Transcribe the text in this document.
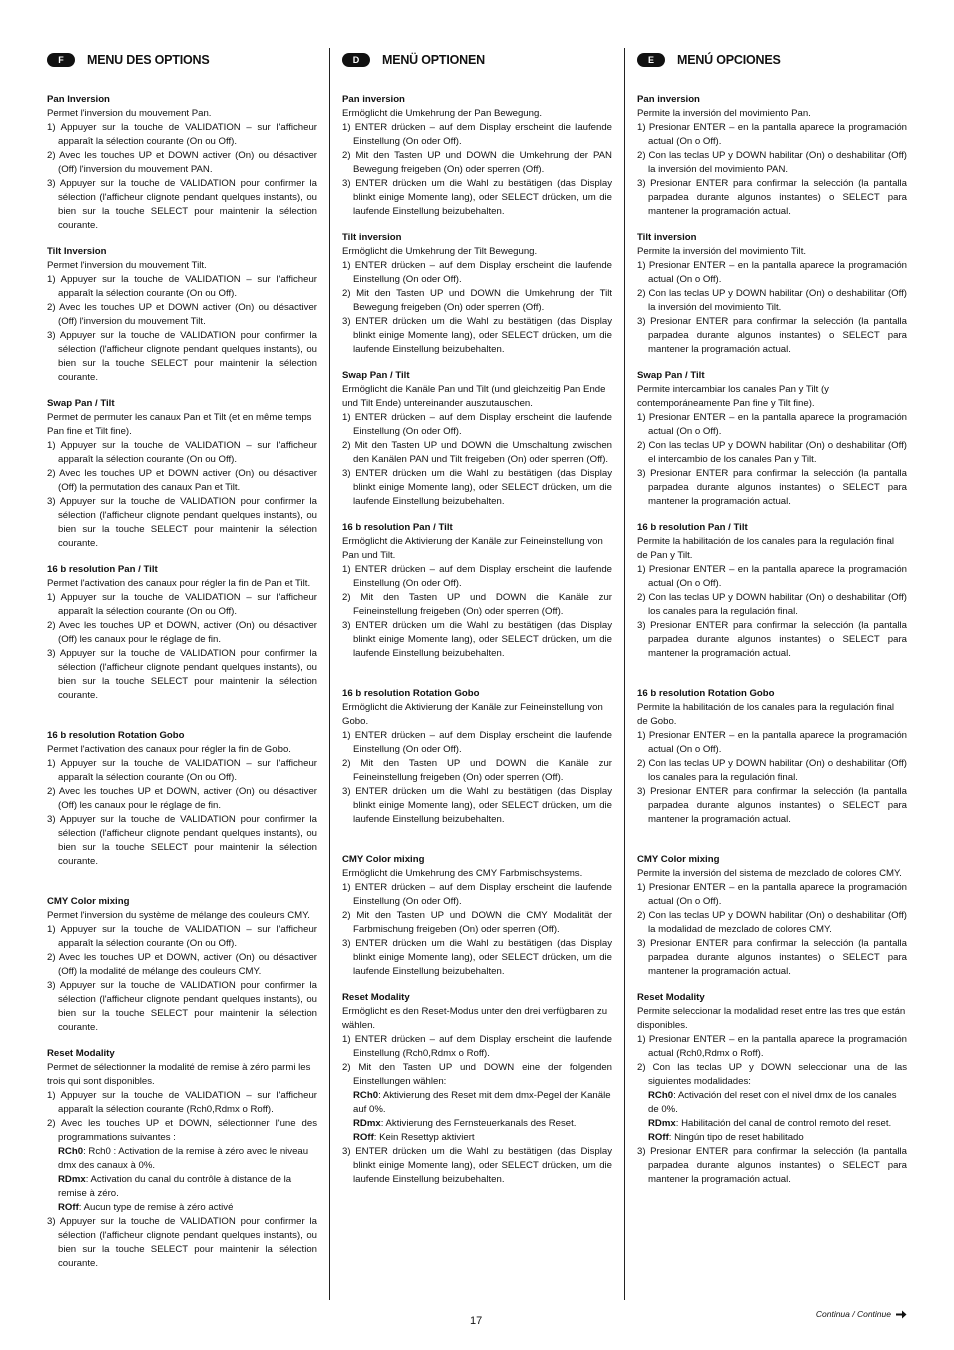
F	MENU DES OPTIONS
Pan Inversion

Permet l'inversion du mouvement Pan.

1) Appuyer sur la touche de VALIDATION – sur l'afficheur apparaît la sélection courante (On ou Off).
2) Avec les touches UP et DOWN activer (On) ou désactiver (Off) l'inversion du mouvement PAN.
3) Appuyer sur la touche de VALIDATION pour confirmer la sélection (l'afficheur clignote pendant quelques instants), ou bien sur la touche SELECT pour maintenir la sélection courante.
Tilt Inversion

Permet l'inversion du mouvement Tilt.

1) Appuyer sur la touche de VALIDATION – sur l'afficheur apparaît la sélection courante (On ou Off).
2) Avec les touches UP et DOWN activer (On) ou désactiver (Off) l'inversion du mouvement Tilt.
3) Appuyer sur la touche de VALIDATION pour confirmer la sélection (l'afficheur clignote pendant quelques instants), ou bien sur la touche SELECT pour maintenir la sélection courante.
Swap Pan / Tilt

Permet de permuter les canaux Pan et Tilt (et en même temps Pan fine et Tilt fine).

1) Appuyer sur la touche de VALIDATION – sur l'afficheur apparaît la sélection courante (On ou Off).
2) Avec les touches UP et DOWN activer (On) ou désactiver (Off) la permutation des canaux Pan et Tilt.
3) Appuyer sur la touche de VALIDATION pour confirmer la sélection (l'afficheur clignote pendant quelques instants), ou bien sur la touche SELECT pour maintenir la sélection courante.
16 b resolution Pan / Tilt

Permet l'activation des canaux pour régler la fin de Pan et Tilt.

1) Appuyer sur la touche de VALIDATION – sur l'afficheur apparaît la sélection courante (On ou Off).
2) Avec les touches UP et DOWN, activer (On) ou désactiver (Off) les canaux pour le réglage de fin.
3) Appuyer sur la touche de VALIDATION pour confirmer la sélection (l'afficheur clignote pendant quelques instants), ou bien sur la touche SELECT pour maintenir la sélection courante.
16 b resolution Rotation Gobo

Permet l'activation des canaux pour régler la fin de Gobo.

1) Appuyer sur la touche de VALIDATION – sur l'afficheur apparaît la sélection courante (On ou Off).
2) Avec les touches UP et DOWN, activer (On) ou désactiver (Off) les canaux pour le réglage de fin.
3) Appuyer sur la touche de VALIDATION pour confirmer la sélection (l'afficheur clignote pendant quelques instants), ou bien sur la touche SELECT pour maintenir la sélection courante.
CMY Color mixing

Permet l'inversion du système de mélange des couleurs CMY.

1) Appuyer sur la touche de VALIDATION – sur l'afficheur apparaît la sélection courante (On ou Off).
2) Avec les touches UP et DOWN, activer (On) ou désactiver (Off) la modalité de mélange des couleurs CMY.
3) Appuyer sur la touche de VALIDATION pour confirmer la sélection (l'afficheur clignote pendant quelques instants), ou bien sur la touche SELECT pour maintenir la sélection courante.
Reset Modality

Permet de sélectionner la modalité de remise à zéro parmi les trois qui sont disponibles.

1) Appuyer sur la touche de VALIDATION – sur l'afficheur apparaît la sélection courante (Rch0,Rdmx o Roff).
2) Avec les touches UP et DOWN, sélectionner l'une des programmations suivantes :
RCh0: Rch0 : Activation de la remise à zéro avec le niveau dmx des canaux à 0%.
RDmx: Activation du canal du contrôle à distance de la remise à zéro.
ROff: Aucun type de remise à zéro activé
3) Appuyer sur la touche de VALIDATION pour confirmer la sélection (l'afficheur clignote pendant quelques instants), ou bien sur la touche SELECT pour maintenir la sélection courante.
D	MENÜ OPTIONEN
Pan inversion

Ermöglicht die Umkehrung der Pan Bewegung.

1) ENTER drücken – auf dem Display erscheint die laufende Einstellung (On oder Off).
2) Mit den Tasten UP und DOWN die Umkehrung der PAN Bewegung freigeben (On) oder sperren (Off).
3) ENTER drücken um die Wahl zu bestätigen (das Display blinkt einige Momente lang), oder SELECT drücken, um die laufende Einstellung beizubehalten.
Tilt inversion

Ermöglicht die Umkehrung der Tilt Bewegung.

1) ENTER drücken – auf dem Display erscheint die laufende Einstellung (On oder Off).
2) Mit den Tasten UP und DOWN die Umkehrung der Tilt Bewegung freigeben (On) oder sperren (Off).
3) ENTER drücken um die Wahl zu bestätigen (das Display blinkt einige Momente lang), oder SELECT drücken, um die laufende Einstellung beizubehalten.
Swap Pan / Tilt

Ermöglicht die Kanäle Pan und Tilt (und gleichzeitig Pan Ende und Tilt Ende) untereinander auszutauschen.

1) ENTER drücken – auf dem Display erscheint die laufende Einstellung (On oder Off).
2) Mit den Tasten UP und DOWN die Umschaltung zwischen den Kanälen PAN und Tilt freigeben (On) oder sperren (Off).
3) ENTER drücken um die Wahl zu bestätigen (das Display blinkt einige Momente lang), oder SELECT drücken, um die laufende Einstellung beizubehalten.
16 b resolution Pan / Tilt

Ermöglicht die Aktivierung der Kanäle zur Feineinstellung von Pan und Tilt.

1) ENTER drücken – auf dem Display erscheint die laufende Einstellung (On oder Off).
2) Mit den Tasten UP und DOWN die Kanäle zur Feineinstellung freigeben (On) oder sperren (Off).
3) ENTER drücken um die Wahl zu bestätigen (das Display blinkt einige Momente lang), oder SELECT drücken, um die laufende Einstellung beizubehalten.
16 b resolution Rotation Gobo

Ermöglicht die Aktivierung der Kanäle zur Feineinstellung von Gobo.

1) ENTER drücken – auf dem Display erscheint die laufende Einstellung (On oder Off).
2) Mit den Tasten UP und DOWN die Kanäle zur Feineinstellung freigeben (On) oder sperren (Off).
3) ENTER drücken um die Wahl zu bestätigen (das Display blinkt einige Momente lang), oder SELECT drücken, um die laufende Einstellung beizubehalten.
CMY Color mixing

Ermöglicht die Umkehrung des CMY Farbmischsystems.

1) ENTER drücken – auf dem Display erscheint die laufende Einstellung (On oder Off).
2) Mit den Tasten UP und DOWN die CMY Modalität der Farbmischung freigeben (On) oder sperren (Off).
3) ENTER drücken um die Wahl zu bestätigen (das Display blinkt einige Momente lang), oder SELECT drücken, um die laufende Einstellung beizubehalten.
Reset Modality

Ermöglicht es den Reset-Modus unter den drei verfügbaren zu wählen.

1) ENTER drücken – auf dem Display erscheint die laufende Einstellung (Rch0,Rdmx o Roff).
2) Mit den Tasten UP und DOWN eine der folgenden Einstellungen wählen:
RCh0: Aktivierung des Reset mit dem dmx-Pegel der Kanäle auf 0%.
RDmx: Aktivierung des Fernsteuerkanals des Reset.
ROff: Kein Resettyp aktiviert
3) ENTER drücken um die Wahl zu bestätigen (das Display blinkt einige Momente lang), oder SELECT drücken, um die laufende Einstellung beizubehalten.
E	MENÚ OPCIONES
Pan inversion

Permite la inversión del movimiento Pan.

1) Presionar ENTER – en la pantalla aparece la programación actual (On o Off).
2) Con las teclas UP y DOWN habilitar (On) o deshabilitar (Off) la inversión del movimiento PAN.
3) Presionar ENTER para confirmar la selección (la pantalla parpadea durante algunos instantes) o SELECT para mantener la programación actual.
Tilt inversion

Permite la inversión del movimiento Tilt.

1) Presionar ENTER – en la pantalla aparece la programación actual (On o Off).
2) Con las teclas UP y DOWN habilitar (On) o deshabilitar (Off) la inversión del movimiento Tilt.
3) Presionar ENTER para confirmar la selección (la pantalla parpadea durante algunos instantes) o SELECT para mantener la programación actual.
Swap Pan / Tilt

Permite intercambiar los canales Pan y Tilt (y contemporáneamente Pan fine y Tilt fine).

1) Presionar ENTER – en la pantalla aparece la programación actual (On o Off).
2) Con las teclas UP y DOWN habilitar (On) o deshabilitar (Off) el intercambio de los canales Pan y Tilt.
3) Presionar ENTER para confirmar la selección (la pantalla parpadea durante algunos instantes) o SELECT para mantener la programación actual.
16 b resolution Pan / Tilt

Permite la habilitación de los canales para la regulación final de Pan y Tilt.

1) Presionar ENTER – en la pantalla aparece la programación actual (On o Off).
2) Con las teclas UP y DOWN habilitar (On) o deshabilitar (Off) los canales para la regulación final.
3) Presionar ENTER para confirmar la selección (la pantalla parpadea durante algunos instantes) o SELECT para mantener la programación actual.
16 b resolution Rotation Gobo

Permite la habilitación de los canales para la regulación final de Gobo.

1) Presionar ENTER – en la pantalla aparece la programación actual (On o Off).
2) Con las teclas UP y DOWN habilitar (On) o deshabilitar (Off) los canales para la regulación final.
3) Presionar ENTER para confirmar la selección (la pantalla parpadea durante algunos instantes) o SELECT para mantener la programación actual.
CMY Color mixing

Permite la inversión del sistema de mezclado de colores CMY.

1) Presionar ENTER – en la pantalla aparece la programación actual (On o Off).
2) Con las teclas UP y DOWN habilitar (On) o deshabilitar (Off) la modalidad de mezclado de colores CMY.
3) Presionar ENTER para confirmar la selección (la pantalla parpadea durante algunos instantes) o SELECT para mantener la programación actual.
Reset Modality

Permite seleccionar la modalidad reset entre las tres que están disponibles.

1) Presionar ENTER – en la pantalla aparece la programación actual (Rch0,Rdmx o Roff).
2) Con las teclas UP y DOWN seleccionar una de las siguientes modalidades:
RCh0: Activación del reset con el nivel dmx de los canales de 0%.
RDmx: Habilitación del canal de control remoto del reset.
ROff: Ningún tipo de reset habilitado
3) Presionar ENTER para confirmar la selección (la pantalla parpadea durante algunos instantes) o SELECT para mantener la programación actual.
17
Continua / Continue
